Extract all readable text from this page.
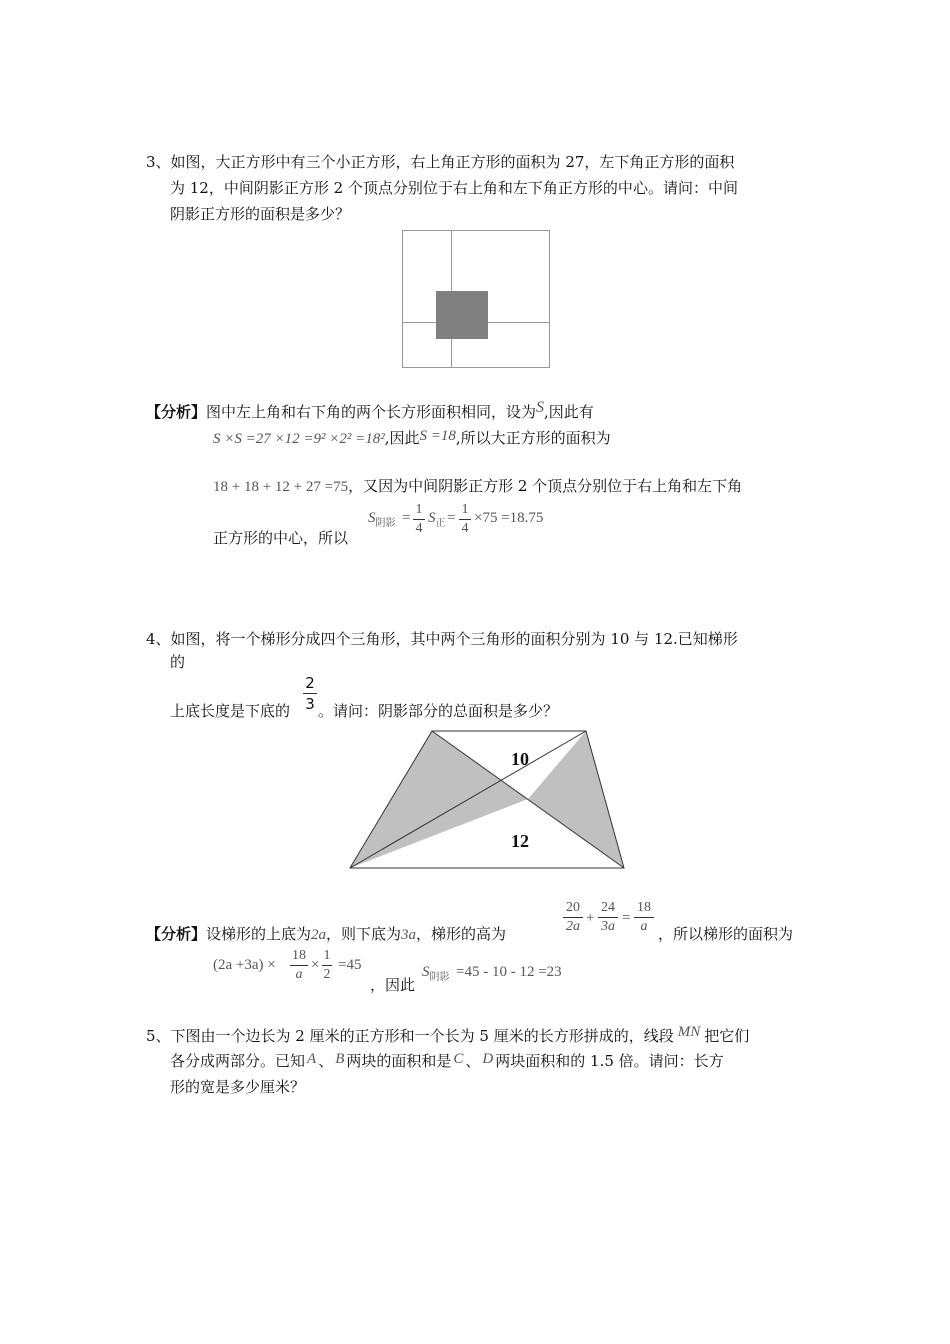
3、如图，大正方形中有三个小正方形，右上角正方形的面积为 27，左下角正方形的面积
为 12，中间阴影正方形 2 个顶点分别位于右上角和左下角正方形的中心。请问：中间
阴影正方形的面积是多少？
【分析】图中左上角和右下角的两个长方形面积相同，设为S,因此有
S ×S =27 ×12 =9² ×2² =18²,因此S =18,所以大正方形的面积为
18 + 18 + 12 + 27 =75，又因为中间阴影正方形 2 个顶点分别位于右上角和左下角
正方形的中心，所以
$S_{阴影}$ =
1
4
$S_正$ =
1
4
×75 =18.75
4、如图，将一个梯形分成四个三角形，其中两个三角形的面积分别为 10 与 12.已知梯形
的
上底长度是下底的
2
3 。请问：阴影部分的总面积是多少？
10
12
【分析】设梯形的上底为2a，则下底为3a，梯形的高为
20
2a
+
24
3a
=
18
a ，所以梯形的面积为
(2a +3a) ×
18
a
×
1
2
=45
，因此
$S_{阴影} =45 - 10 - 12 =23$
5、下图由一个边长为 2 厘米的正方形和一个长为 5 厘米的长方形拼成的，线段 MN 把它们
各分成两部分。已知 A 、 B 两块的面积和是 C 、 D 两块面积和的 1.5 倍。请问：长方
形的宽是多少厘米？
